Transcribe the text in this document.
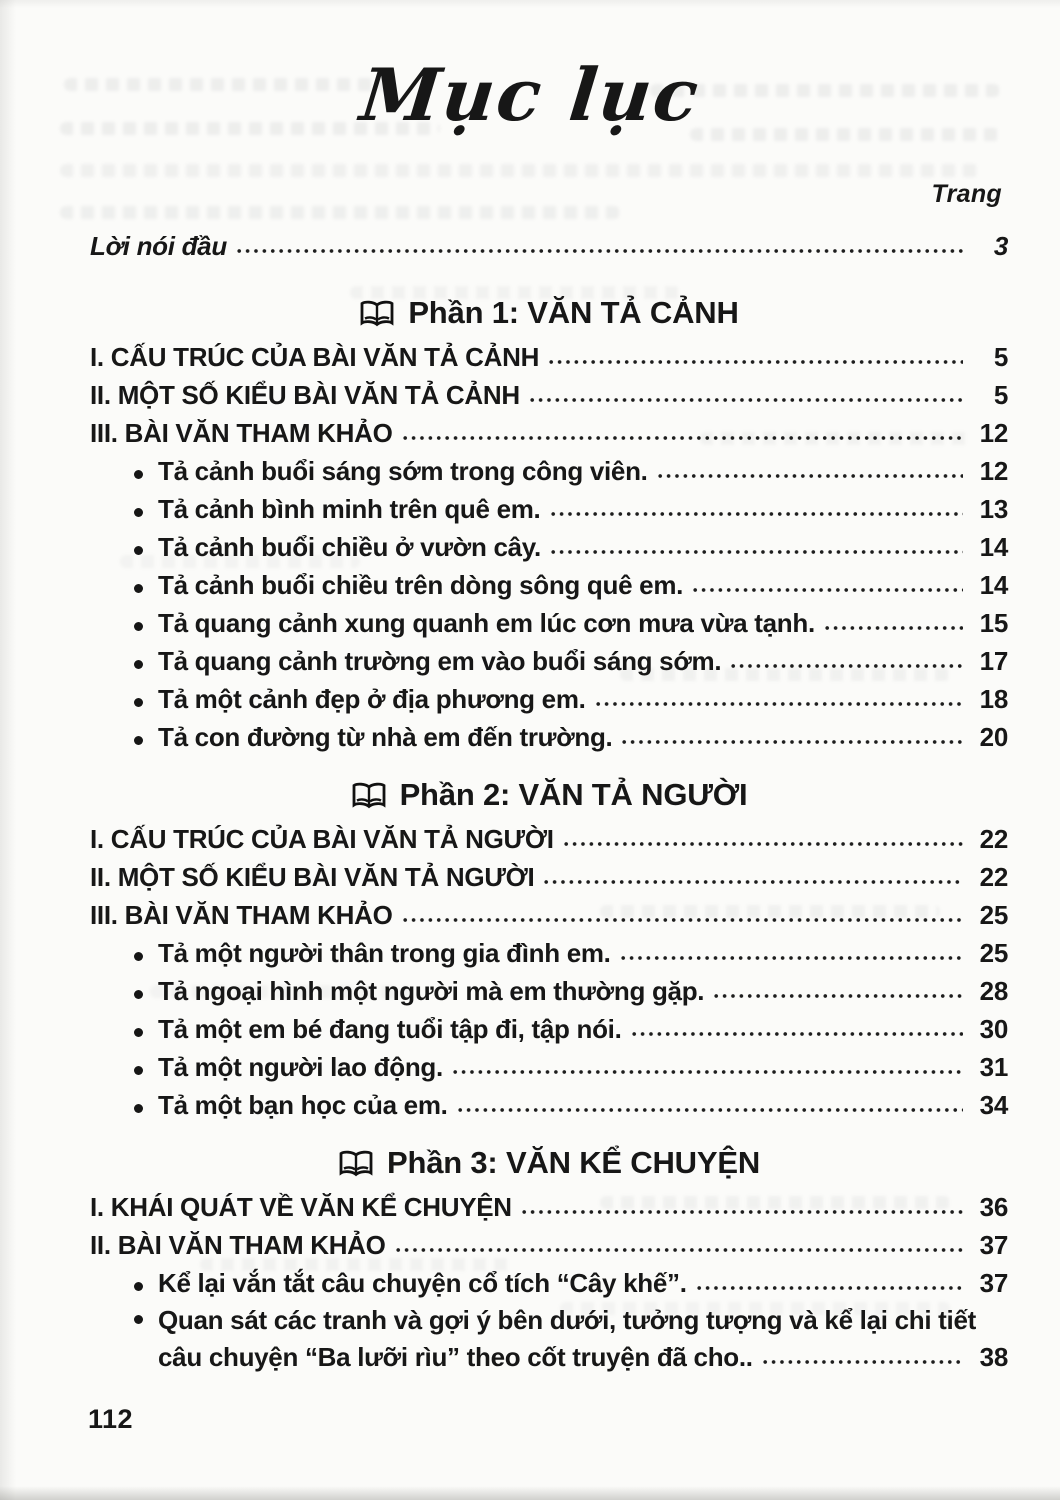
Mục lục
Trang
Lời nói đầu	3
Phần 1: VĂN TẢ CẢNH
I. CẤU TRÚC CỦA BÀI VĂN TẢ CẢNH	5
II. MỘT SỐ KIỂU BÀI VĂN TẢ CẢNH	5
III. BÀI VĂN THAM KHẢO	12
Tả cảnh buổi sáng sớm trong công viên.	12
Tả cảnh bình minh trên quê em.	13
Tả cảnh buổi chiều ở vườn cây.	14
Tả cảnh buổi chiều trên dòng sông quê em.	14
Tả quang cảnh xung quanh em lúc cơn mưa vừa tạnh.	15
Tả quang cảnh trường em vào buổi sáng sớm.	17
Tả một cảnh đẹp ở địa phương em.	18
Tả con đường từ nhà em đến trường.	20
Phần 2: VĂN TẢ NGƯỜI
I. CẤU TRÚC CỦA BÀI VĂN TẢ NGƯỜI	22
II. MỘT SỐ KIỂU BÀI VĂN TẢ NGƯỜI	22
III. BÀI VĂN THAM KHẢO	25
Tả một người thân trong gia đình em.	25
Tả ngoại hình một người mà em thường gặp.	28
Tả một em bé đang tuổi tập đi, tập nói.	30
Tả một người lao động.	31
Tả một bạn học của em.	34
Phần 3: VĂN KỂ CHUYỆN
I. KHÁI QUÁT VỀ VĂN KỂ CHUYỆN	36
II. BÀI VĂN THAM KHẢO	37
Kể lại vắn tắt câu chuyện cổ tích “Cây khế”.	37
Quan sát các tranh và gợi ý bên dưới, tưởng tượng và kể lại chi tiết
câu chuyện “Ba lưỡi rìu” theo cốt truyện đã cho..	38
112
